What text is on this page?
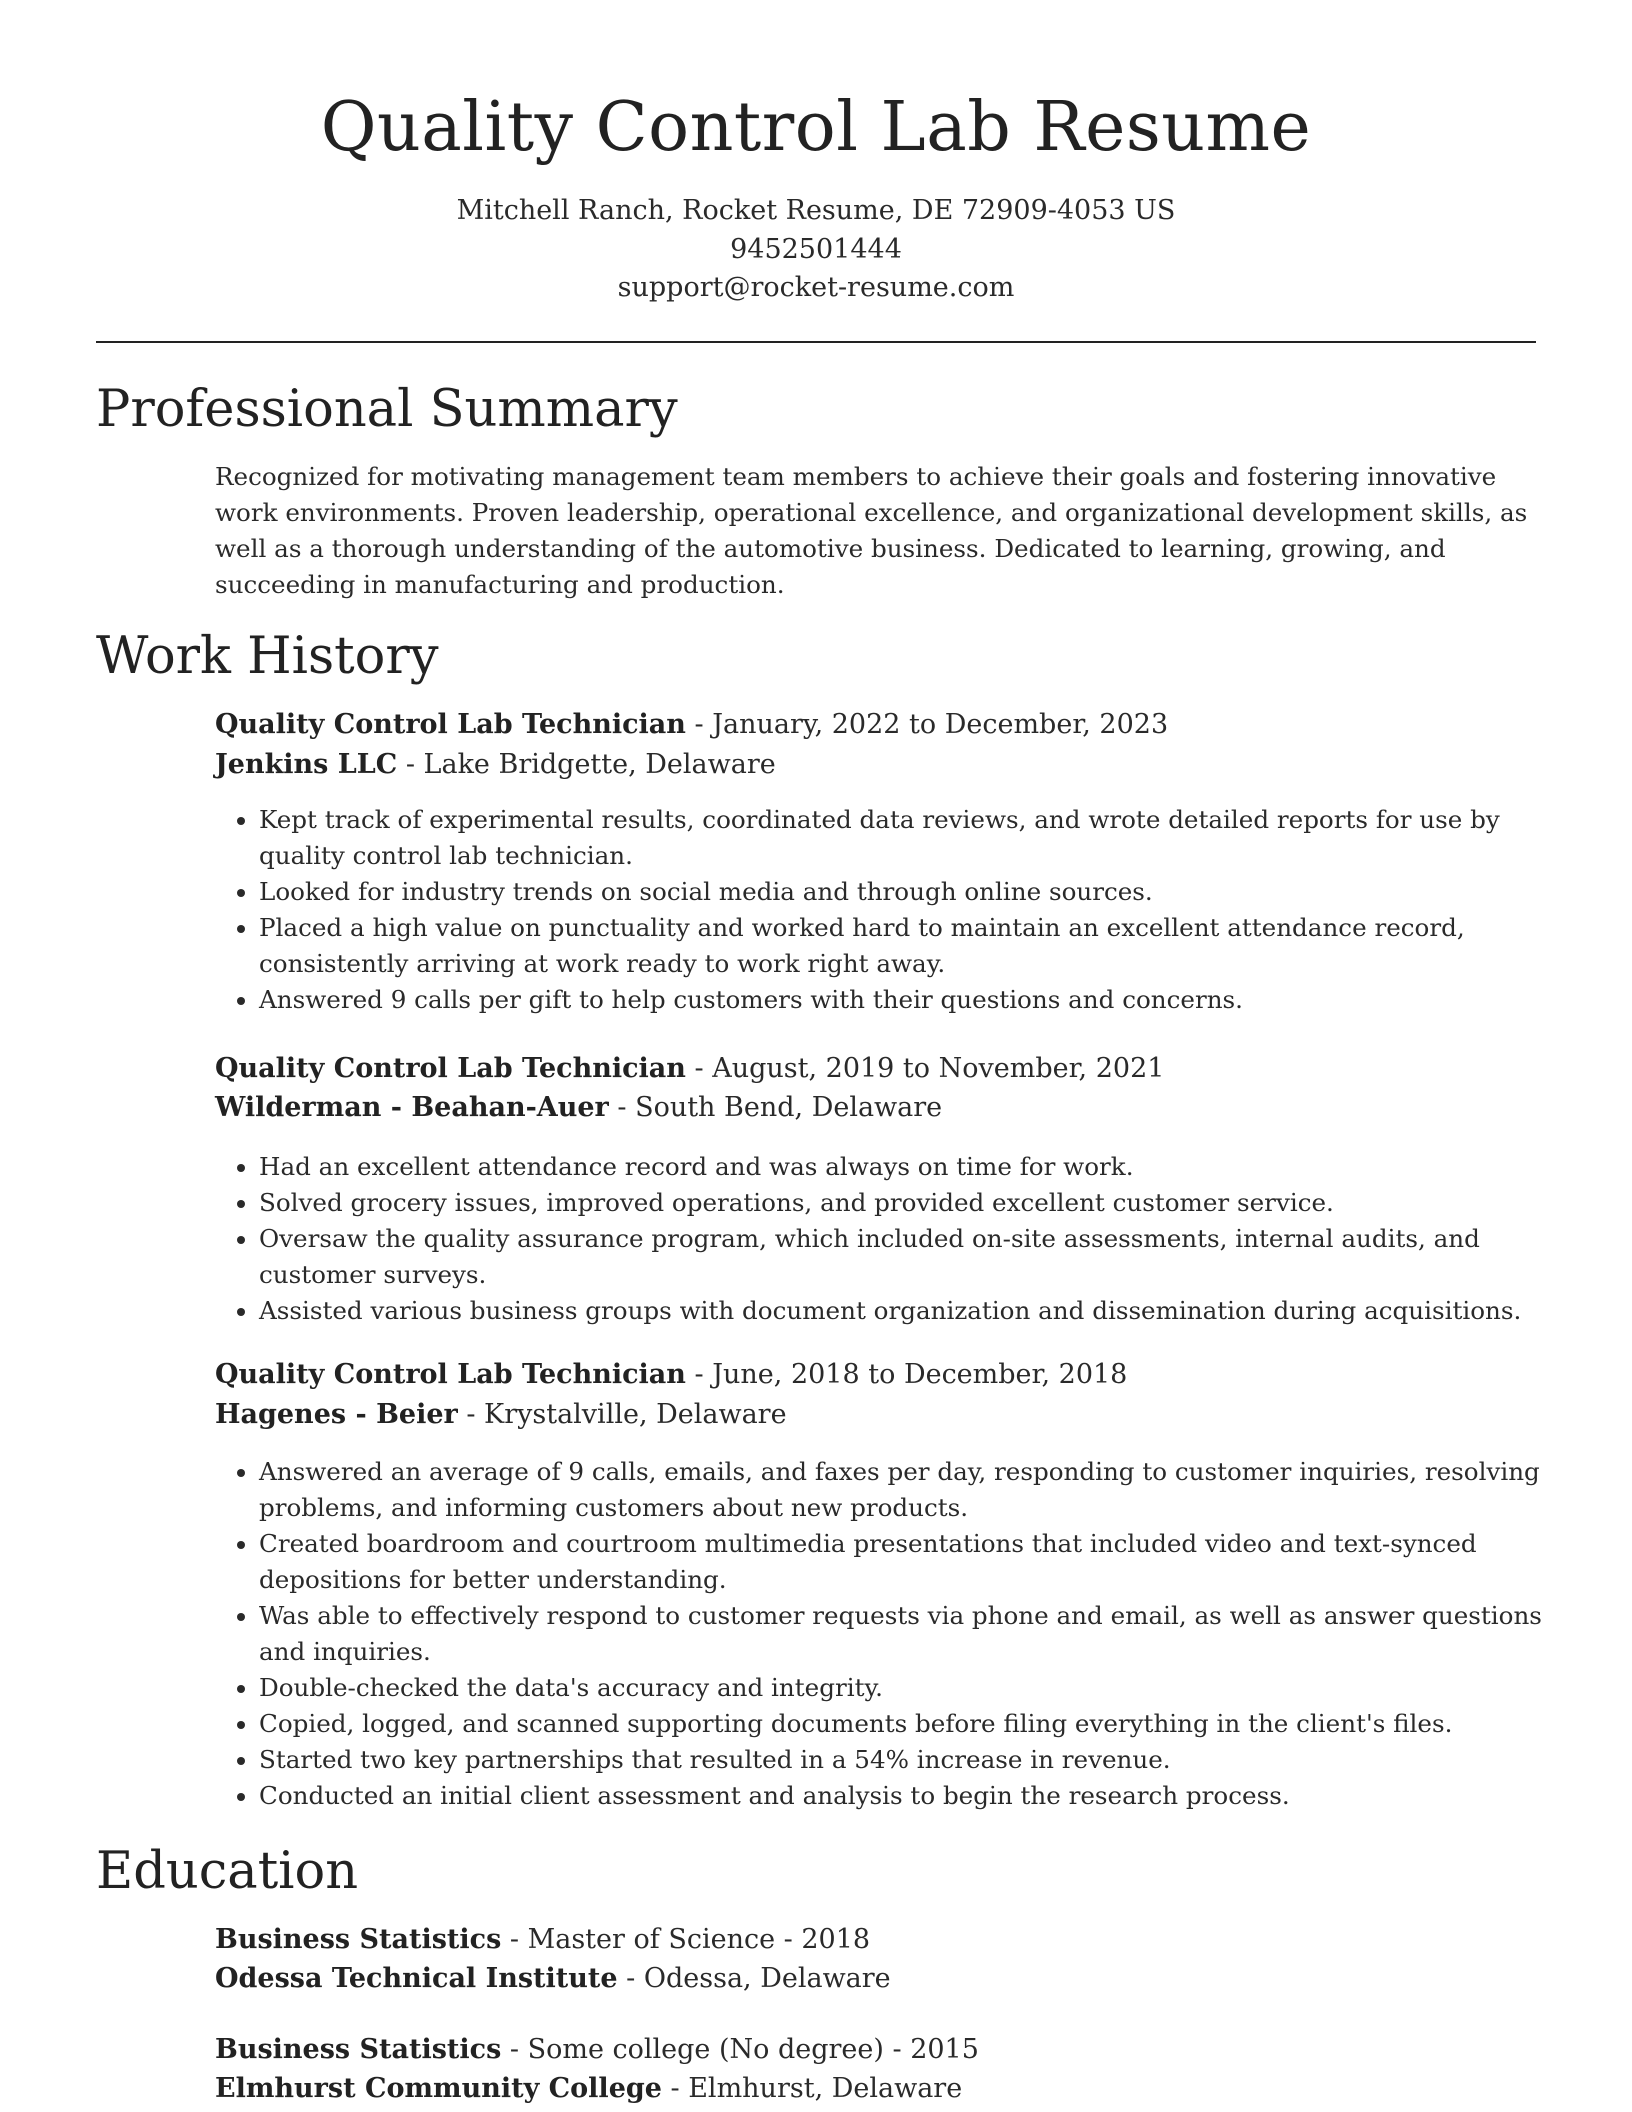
Quality Control Lab Resume
Mitchell Ranch, Rocket Resume, DE 72909-4053 US
9452501444
support@rocket-resume.com
Professional Summary

Recognized for motivating management team members to achieve their goals and fostering innovative work environments. Proven leadership, operational excellence, and organizational development skills, as well as a thorough understanding of the automotive business. Dedicated to learning, growing, and succeeding in manufacturing and production.

Work History
Quality Control Lab Technician - January, 2022 to December, 2023
Jenkins LLC - Lake Bridgette, Delaware
• Kept track of experimental results, coordinated data reviews, and wrote detailed reports for use by quality control lab technician.
• Looked for industry trends on social media and through online sources.
• Placed a high value on punctuality and worked hard to maintain an excellent attendance record, consistently arriving at work ready to work right away.
• Answered 9 calls per gift to help customers with their questions and concerns.
Quality Control Lab Technician - August, 2019 to November, 2021
Wilderman - Beahan-Auer - South Bend, Delaware
• Had an excellent attendance record and was always on time for work.
• Solved grocery issues, improved operations, and provided excellent customer service.
• Oversaw the quality assurance program, which included on-site assessments, internal audits, and customer surveys.
• Assisted various business groups with document organization and dissemination during acquisitions.
Quality Control Lab Technician - June, 2018 to December, 2018
Hagenes - Beier - Krystalville, Delaware
• Answered an average of 9 calls, emails, and faxes per day, responding to customer inquiries, resolving problems, and informing customers about new products.
• Created boardroom and courtroom multimedia presentations that included video and text-synced depositions for better understanding.
• Was able to effectively respond to customer requests via phone and email, as well as answer questions and inquiries.
• Double-checked the data's accuracy and integrity.
• Copied, logged, and scanned supporting documents before filing everything in the client's files.
• Started two key partnerships that resulted in a 54% increase in revenue.
• Conducted an initial client assessment and analysis to begin the research process.
Education
Business Statistics - Master of Science - 2018
Odessa Technical Institute - Odessa, Delaware
Business Statistics - Some college (No degree) - 2015
Elmhurst Community College - Elmhurst, Delaware
